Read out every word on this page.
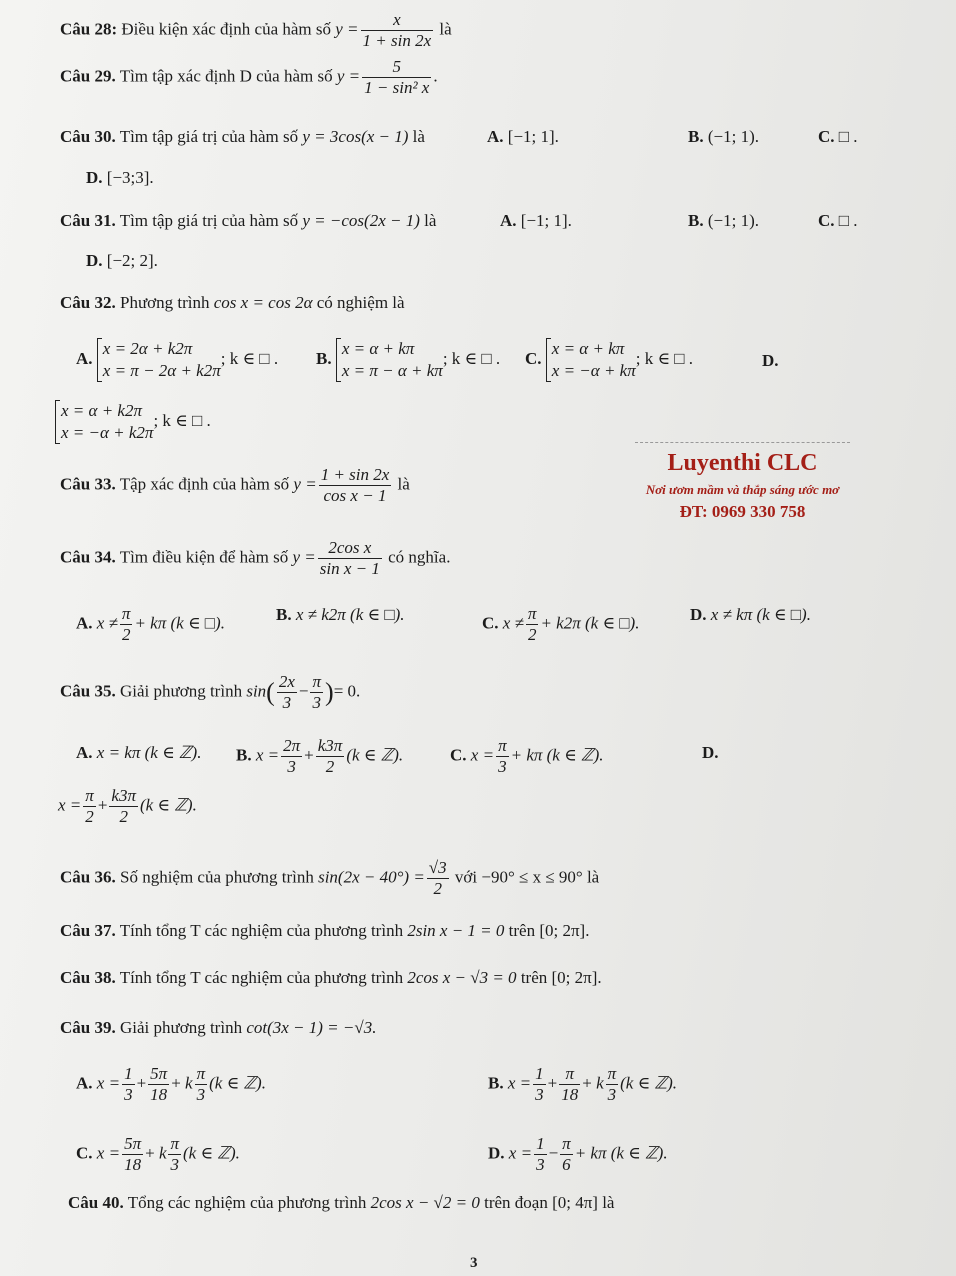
Câu 28: Điều kiện xác định của hàm số $y = \frac{x}{1 + \sin 2x}$ là
Câu 29. Tìm tập xác định D của hàm số $y = \frac{5}{\text{1 − sin² x}}$ .
Câu 30. Tìm tập giá trị của hàm số y = 3cos(x − 1) là	A. [−1; 1].	B. (−1; 1).	C. □ .
D. [−3;3].
Câu 31. Tìm tập giá trị của hàm số y = −cos(2x − 1) là	A. [−1; 1].	B. (−1; 1).	C. □ .
D. [−2; 2].
Câu 32. Phương trình cos x = cos 2α có nghiệm là
A.
x = 2α + k2π
x = π − 2α + k2π
; k ∈ □ . B.
x = α + kπ
x = π − α + kπ
; k ∈ □ . C.
x = α + kπ
x = −α + kπ
; k ∈ □ .	D.
x = α + k2π
x = −α + k2π
; k ∈ □ .
Câu 33. Tập xác định của hàm số $y = \frac{1 + \sin 2x}{\text{cos x − 1}}$ là
Luyenthi CLC
Nơi ươm mầm và thắp sáng ước mơ
ĐT: 0969 330 758
Câu 34. Tìm điều kiện để hàm số $y = \frac{\text{2cos x}}{\text{sin x − 1}}$ có nghĩa.
A. $x \ne \frac{\pi}{2} + k\pi$ (k ∈ □).	B. x ≠ k2π (k ∈ □).	C. $x \ne \frac{\pi}{2} + k2\pi$ (k ∈ □).	D. x ≠ kπ (k ∈ □).
Câu 35. Giải phương trình $\sin( \frac{2x}{3} - \frac{\pi}{3}$ )= 0.
A. x = kπ (k ∈ ℤ). B. $x = \frac{2\pi}{3} + \frac{k3\pi}{2} (k$ ∈ ℤ).	C. $x = \frac{\pi}{3} + k\pi$ (k ∈ ℤ).	D.
$x = \frac{\pi}{2} + \frac{k3\pi}{2} (k$ ∈ ℤ).
Câu 36. Số nghiệm của phương trình $\sin(2x - 40^\circ) = \frac{√3}{2}$ với −90° ≤ x ≤ 90° là
Câu 37. Tính tổng T các nghiệm của phương trình 2sin x − 1 = 0 trên [0; 2π].
Câu 38. Tính tổng T các nghiệm của phương trình 2cos x − √3 = 0 trên [0; 2π].
Câu 39. Giải phương trình cot(3x − 1) = −√3.
A. $x = \frac{1}{3} + \frac{5\pi}{18} + k \frac{\pi}{3} (k$ ∈ ℤ).	B. $x = \frac{1}{3} + \frac{\pi}{18} + k \frac{\pi}{3} (k$ ∈ ℤ).
C. $x = \frac{5\pi}{18} + k \frac{\pi}{3} (k$ ∈ ℤ).	D. $x = \frac{1}{3} - \frac{\pi}{6} + k\pi$ (k ∈ ℤ).
Câu 40. Tổng các nghiệm của phương trình 2cos x − √2 = 0 trên đoạn [0; 4π] là
3
